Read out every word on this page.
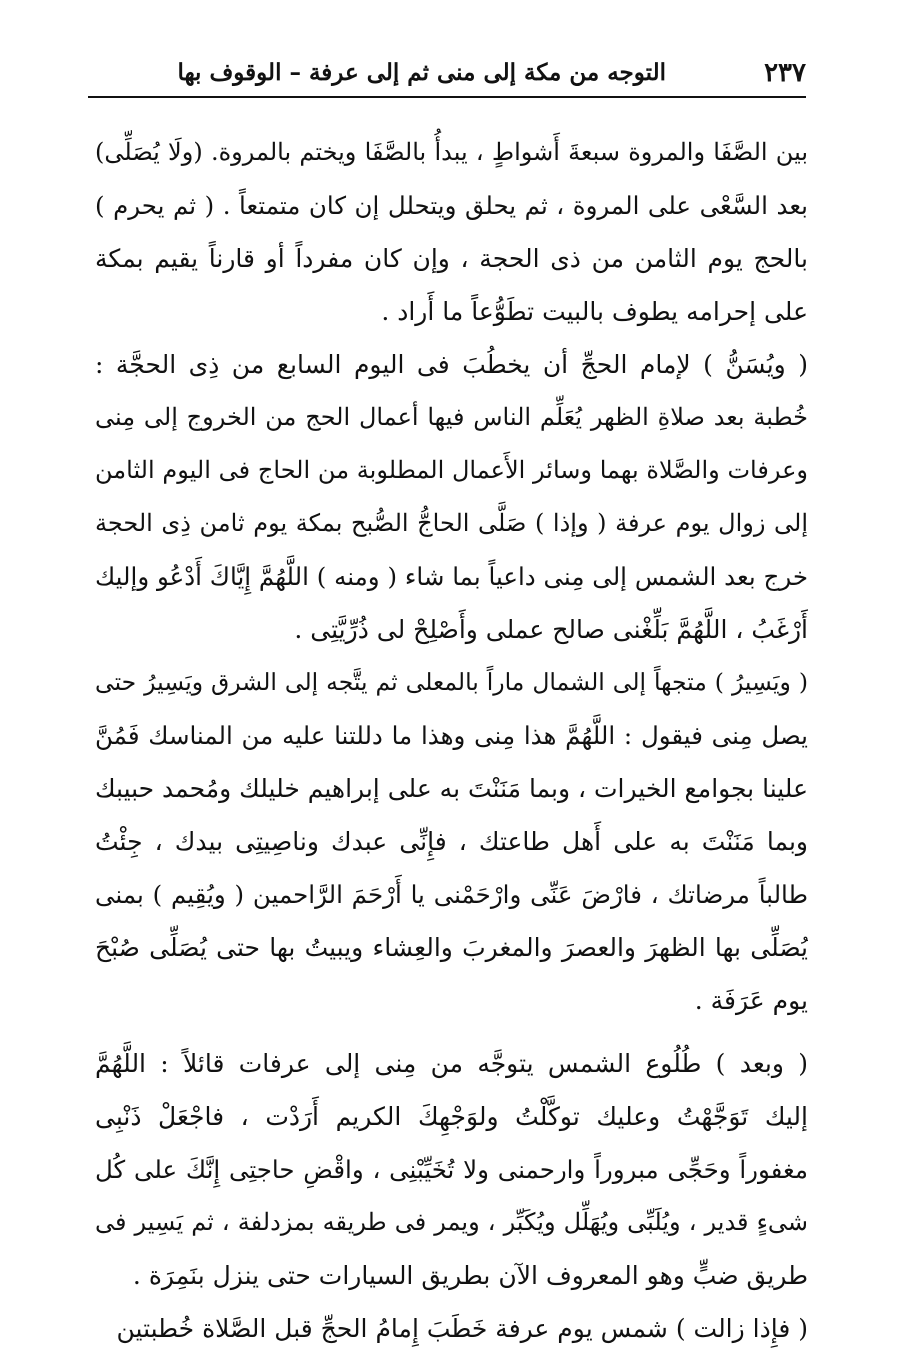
٢٣٧
التوجه من مكة إلى منى ثم إلى عرفة – الوقوف بها
بين الصَّفَا والمروة سبعةَ أَشواطٍ ، يبدأُ بالصَّفَا ويختم بالمروة. (ولَا يُصَلِّى)
بعد السَّعْى على المروة ، ثم يحلق ويتحلل إن كان متمتعاً . ( ثم يحرم )
بالحج يوم الثامن من ذى الحجة ، وإن كان مفرداً أو قارناً يقيم بمكة
على إحرامه يطوف بالبيت تطَوُّعاً ما أَراد .
( ويُسَنُّ ) لإمام الحجِّ أن يخطُبَ فى اليوم السابع من ذِى الحجَّة :
خُطبة بعد صلاةِ الظهر يُعَلِّم الناس فيها أعمال الحج من الخروج إلى مِنى
وعرفات والصَّلاة بهما وسائر الأَعمال المطلوبة من الحاج فى اليوم الثامن
إلى زوال يوم عرفة ( وإذا ) صَلَّى الحاجُّ الصُّبح بمكة يوم ثامن ذِى الحجة
خرج بعد الشمس إلى مِنى داعياً بما شاء ( ومنه ) اللَّهُمَّ إِيَّاكَ أَدْعُو وإليك
أَرْغَبُ ، اللَّهُمَّ بَلِّغْنى صالح عملى وأَصْلِحْ لى ذُرِّيَّتِى .
( ويَسِيرُ ) متجهاً إلى الشمال ماراً بالمعلى ثم يتَّجه إلى الشرق ويَسِيرُ حتى
يصل مِنى فيقول : اللَّهُمَّ هذا مِنى وهذا ما دللتنا عليه من المناسك فَمُنَّ
علينا بجوامع الخيرات ، وبما مَنَنْتَ به على إبراهيم خليلك ومُحمد حبيبك
وبما مَنَنْتَ به على أَهل طاعتك ، فإِنِّى عبدك وناصِيتِى بيدك ، جِئْتُ
طالباً مرضاتك ، فارْضَ عَنِّى وارْحَمْنى يا أَرْحَمَ الرَّاحمين ( ويُقِيم ) بمنى
يُصَلِّى بها الظهرَ والعصرَ والمغربَ والعِشاء ويبيتُ بها حتى يُصَلِّى صُبْحَ
يوم عَرَفَة .
( وبعد ) طُلُوع الشمس يتوجَّه من مِنى إلى عرفات قائلاً : اللَّهُمَّ
إليك تَوَجَّهْتُ وعليك توكَّلْتُ ولوَجْهِكَ الكريم أَرَدْت ، فاجْعَلْ ذَنْبِى
مغفوراً وحَجِّى مبروراً وارحمنى ولا تُخَيِّبْنِى ، واقْضِ حاجتِى إِنَّكَ على كُل
شىءٍ قدير ، ويُلَبِّى ويُهَلِّل ويُكَبِّر ، ويمر فى طريقه بمزدلفة ، ثم يَسِير فى
طريق ضبٍّ وهو المعروف الآن بطريق السيارات حتى ينزل بنَمِرَة .
( فإِذا زالت ) شمس يوم عرفة خَطَبَ إِمامُ الحجِّ قبل الصَّلاة خُطبتين
